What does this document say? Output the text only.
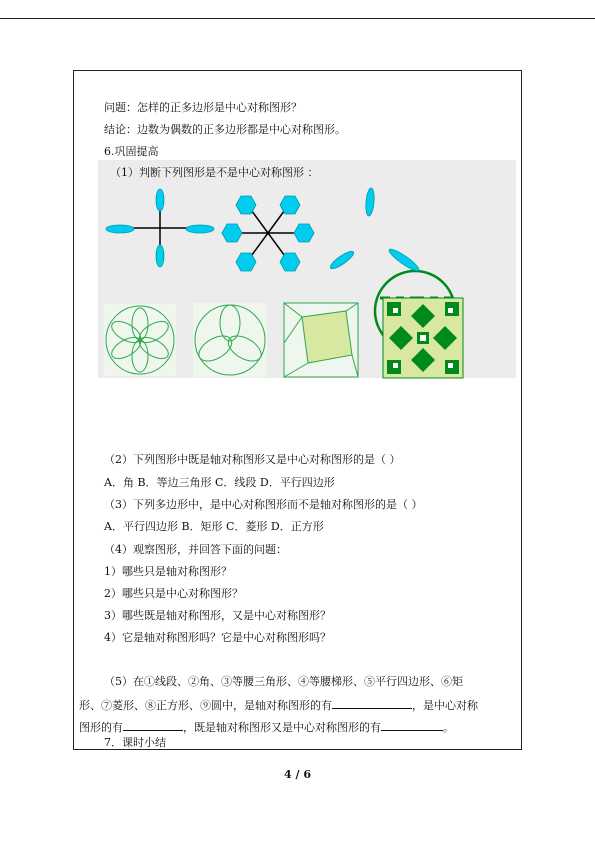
问题：怎样的正多边形是中心对称图形？
结论：边数为偶数的正多边形都是中心对称图形。
6.巩固提高
（1）判断下列图形是不是中心对称图形 ：
（2）下列图形中既是轴对称图形又是中心对称图形的是（ ）
A．角 B．等边三角形 C．线段 D．平行四边形
（3）下列多边形中，是中心对称图形而不是轴对称图形的是（ ）
A．平行四边形 B．矩形 C．菱形 D．正方形
（4）观察图形，并回答下面的问题：
1）哪些只是轴对称图形？
2）哪些只是中心对称图形？
3）哪些既是轴对称图形，又是中心对称图形？
4）它是轴对称图形吗？它是中心对称图形吗？
（5）在①线段、②角、③等腰三角形、④等腰梯形、⑤平行四边形、⑥矩
形、⑦菱形、⑧正方形、⑨圆中，是轴对称图形的有	，是中心对称
图形的有	，既是轴对称图形又是中心对称图形的有	。
7．课时小结
4 / 6
